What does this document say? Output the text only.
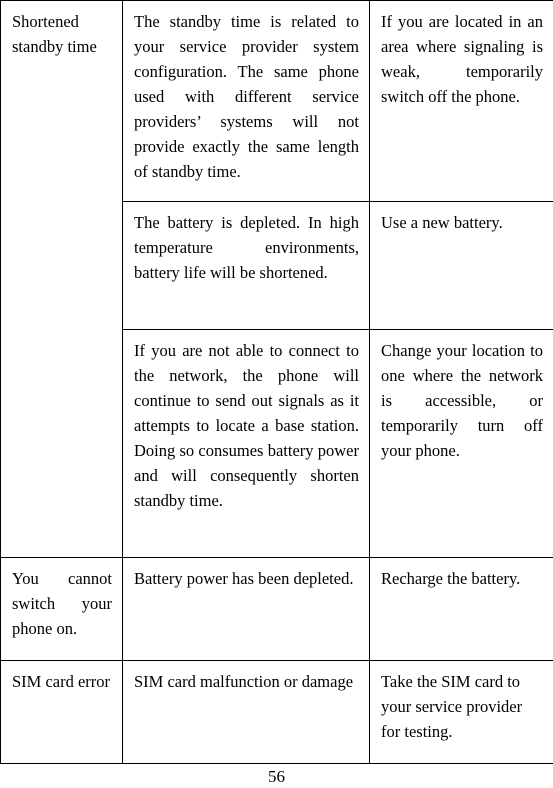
Shortened standby time	The standby time is related to your service provider system configuration. The same phone used with different service providers’ systems will not provide exactly the same length of standby time.	If you are located in an area where signaling is weak, temporarily switch off the phone.
	The battery is depleted. In high temperature environments, battery life will be shortened.	Use a new battery.
	If you are not able to connect to the network, the phone will continue to send out signals as it attempts to locate a base station. Doing so consumes battery power and will consequently shorten standby time.	Change your location to one where the network is accessible, or temporarily turn off your phone.
You cannot switch your phone on.	Battery power has been depleted.	Recharge the battery.
SIM card error	SIM card malfunction or damage	Take the SIM card to your service provider for testing.
56
